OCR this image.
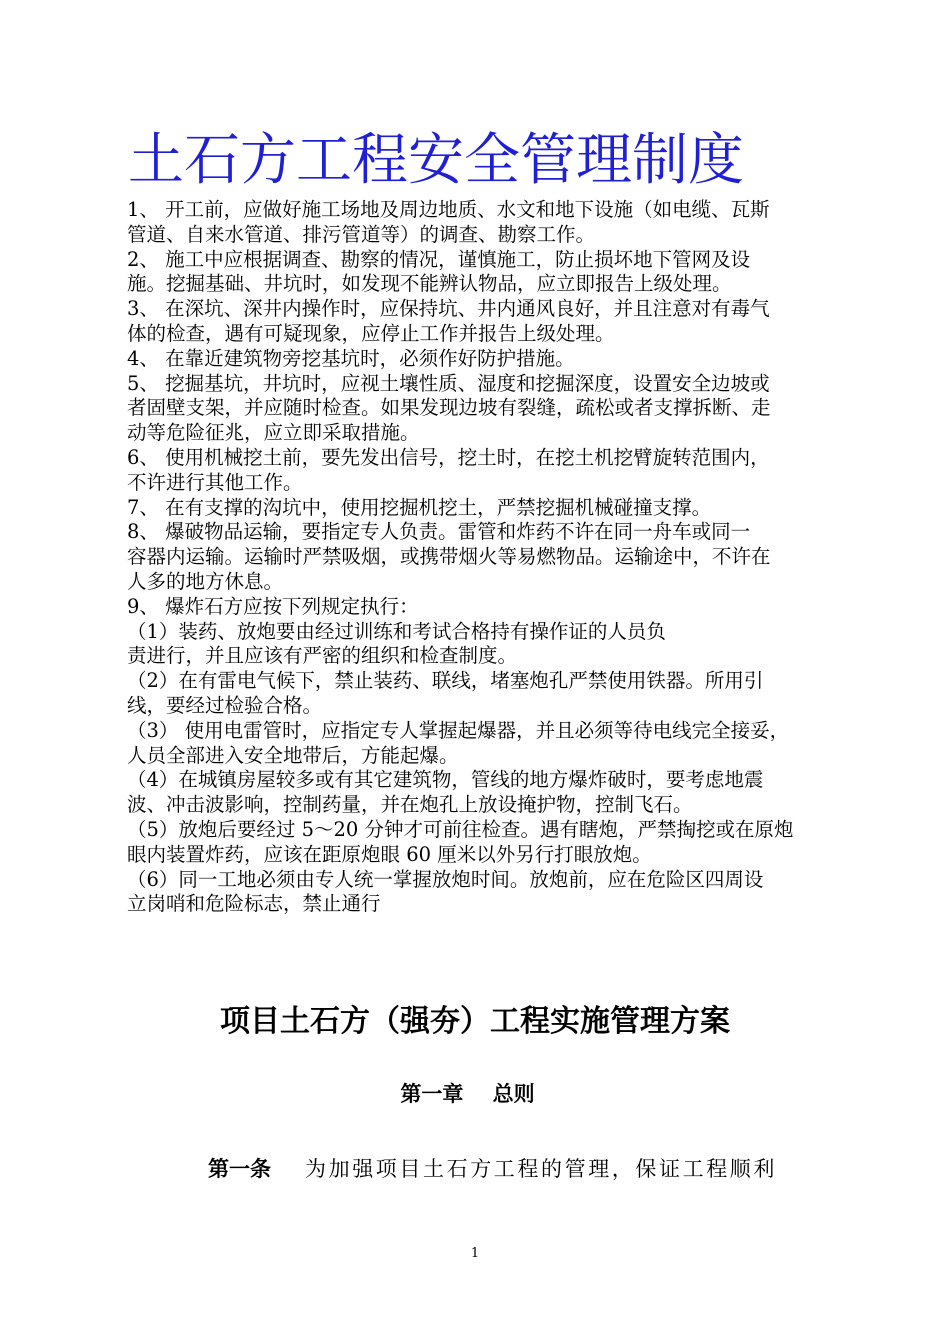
土石方工程安全管理制度
1、 开工前，应做好施工场地及周边地质、水文和地下设施（如电缆、瓦斯
管道、自来水管道、排污管道等）的调查、勘察工作。
2、 施工中应根据调查、勘察的情况，谨慎施工，防止损坏地下管网及设
施。挖掘基础、井坑时，如发现不能辨认物品，应立即报告上级处理。
3、 在深坑、深井内操作时，应保持坑、井内通风良好，并且注意对有毒气
体的检查，遇有可疑现象，应停止工作并报告上级处理。
4、 在靠近建筑物旁挖基坑时，必须作好防护措施。
5、 挖掘基坑，井坑时，应视土壤性质、湿度和挖掘深度，设置安全边坡或
者固壁支架，并应随时检查。如果发现边坡有裂缝，疏松或者支撑拆断、走
动等危险征兆，应立即采取措施。
6、 使用机械挖土前，要先发出信号，挖土时，在挖土机挖臂旋转范围内，
不许进行其他工作。
7、 在有支撑的沟坑中，使用挖掘机挖土，严禁挖掘机械碰撞支撑。
8、 爆破物品运输，要指定专人负责。雷管和炸药不许在同一舟车或同一
容器内运输。运输时严禁吸烟，或携带烟火等易燃物品。运输途中，不许在
人多的地方休息。
9、 爆炸石方应按下列规定执行：
（1）装药、放炮要由经过训练和考试合格持有操作证的人员负
责进行，并且应该有严密的组织和检查制度。
（2）在有雷电气候下，禁止装药、联线，堵塞炮孔严禁使用铁器。所用引
线，要经过检验合格。
（3） 使用电雷管时，应指定专人掌握起爆器，并且必须等待电线完全接妥，
人员全部进入安全地带后，方能起爆。
（4）在城镇房屋较多或有其它建筑物，管线的地方爆炸破时，要考虑地震
波、冲击波影响，控制药量，并在炮孔上放设掩护物，控制飞石。
（5）放炮后要经过 5～20 分钟才可前往检查。遇有瞎炮，严禁掏挖或在原炮
眼内装置炸药，应该在距原炮眼 60 厘米以外另行打眼放炮。
（6）同一工地必须由专人统一掌握放炮时间。放炮前，应在危险区四周设
立岗哨和危险标志，禁止通行
项目土石方（强夯）工程实施管理方案
第一章    总则
第一条 为加强项目土石方工程的管理，保证工程顺利
1
